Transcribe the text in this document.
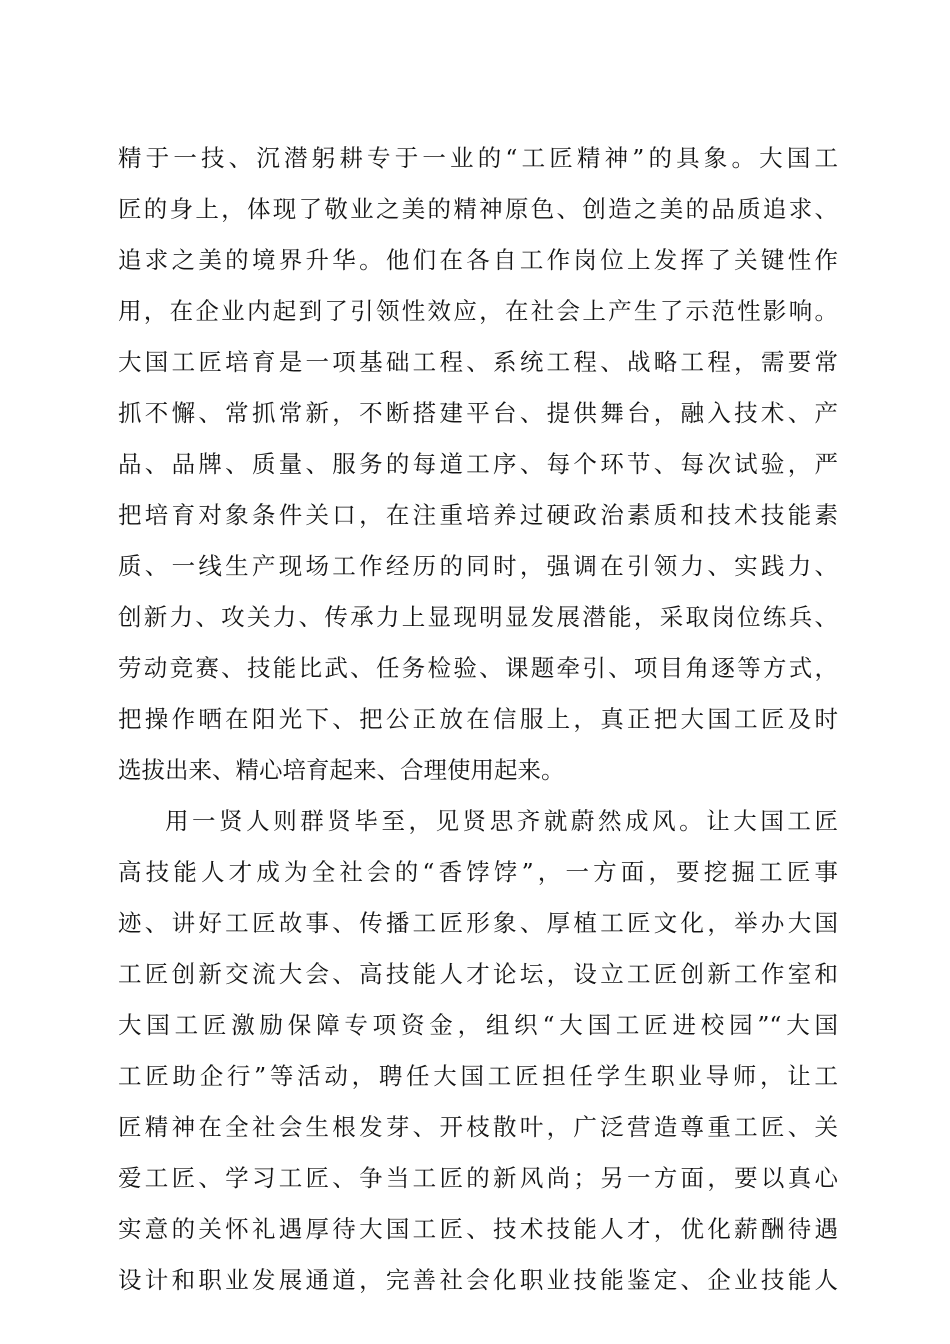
精于一技、沉潜躬耕专于一业的“工匠精神”的具象。大国工
匠的身上，体现了敬业之美的精神原色、创造之美的品质追求、
追求之美的境界升华。他们在各自工作岗位上发挥了关键性作
用，在企业内起到了引领性效应，在社会上产生了示范性影响。
大国工匠培育是一项基础工程、系统工程、战略工程，需要常
抓不懈、常抓常新，不断搭建平台、提供舞台，融入技术、产
品、品牌、质量、服务的每道工序、每个环节、每次试验，严
把培育对象条件关口，在注重培养过硬政治素质和技术技能素
质、一线生产现场工作经历的同时，强调在引领力、实践力、
创新力、攻关力、传承力上显现明显发展潜能，采取岗位练兵、
劳动竞赛、技能比武、任务检验、课题牵引、项目角逐等方式，
把操作晒在阳光下、把公正放在信服上，真正把大国工匠及时
选拔出来、精心培育起来、合理使用起来。
用一贤人则群贤毕至，见贤思齐就蔚然成风。让大国工匠
高技能人才成为全社会的“香饽饽”，一方面，要挖掘工匠事
迹、讲好工匠故事、传播工匠形象、厚植工匠文化，举办大国
工匠创新交流大会、高技能人才论坛，设立工匠创新工作室和
大国工匠激励保障专项资金，组织“大国工匠进校园”“大国
工匠助企行”等活动，聘任大国工匠担任学生职业导师，让工
匠精神在全社会生根发芽、开枝散叶，广泛营造尊重工匠、关
爱工匠、学习工匠、争当工匠的新风尚；另一方面，要以真心
实意的关怀礼遇厚待大国工匠、技术技能人才，优化薪酬待遇
设计和职业发展通道，完善社会化职业技能鉴定、企业技能人
